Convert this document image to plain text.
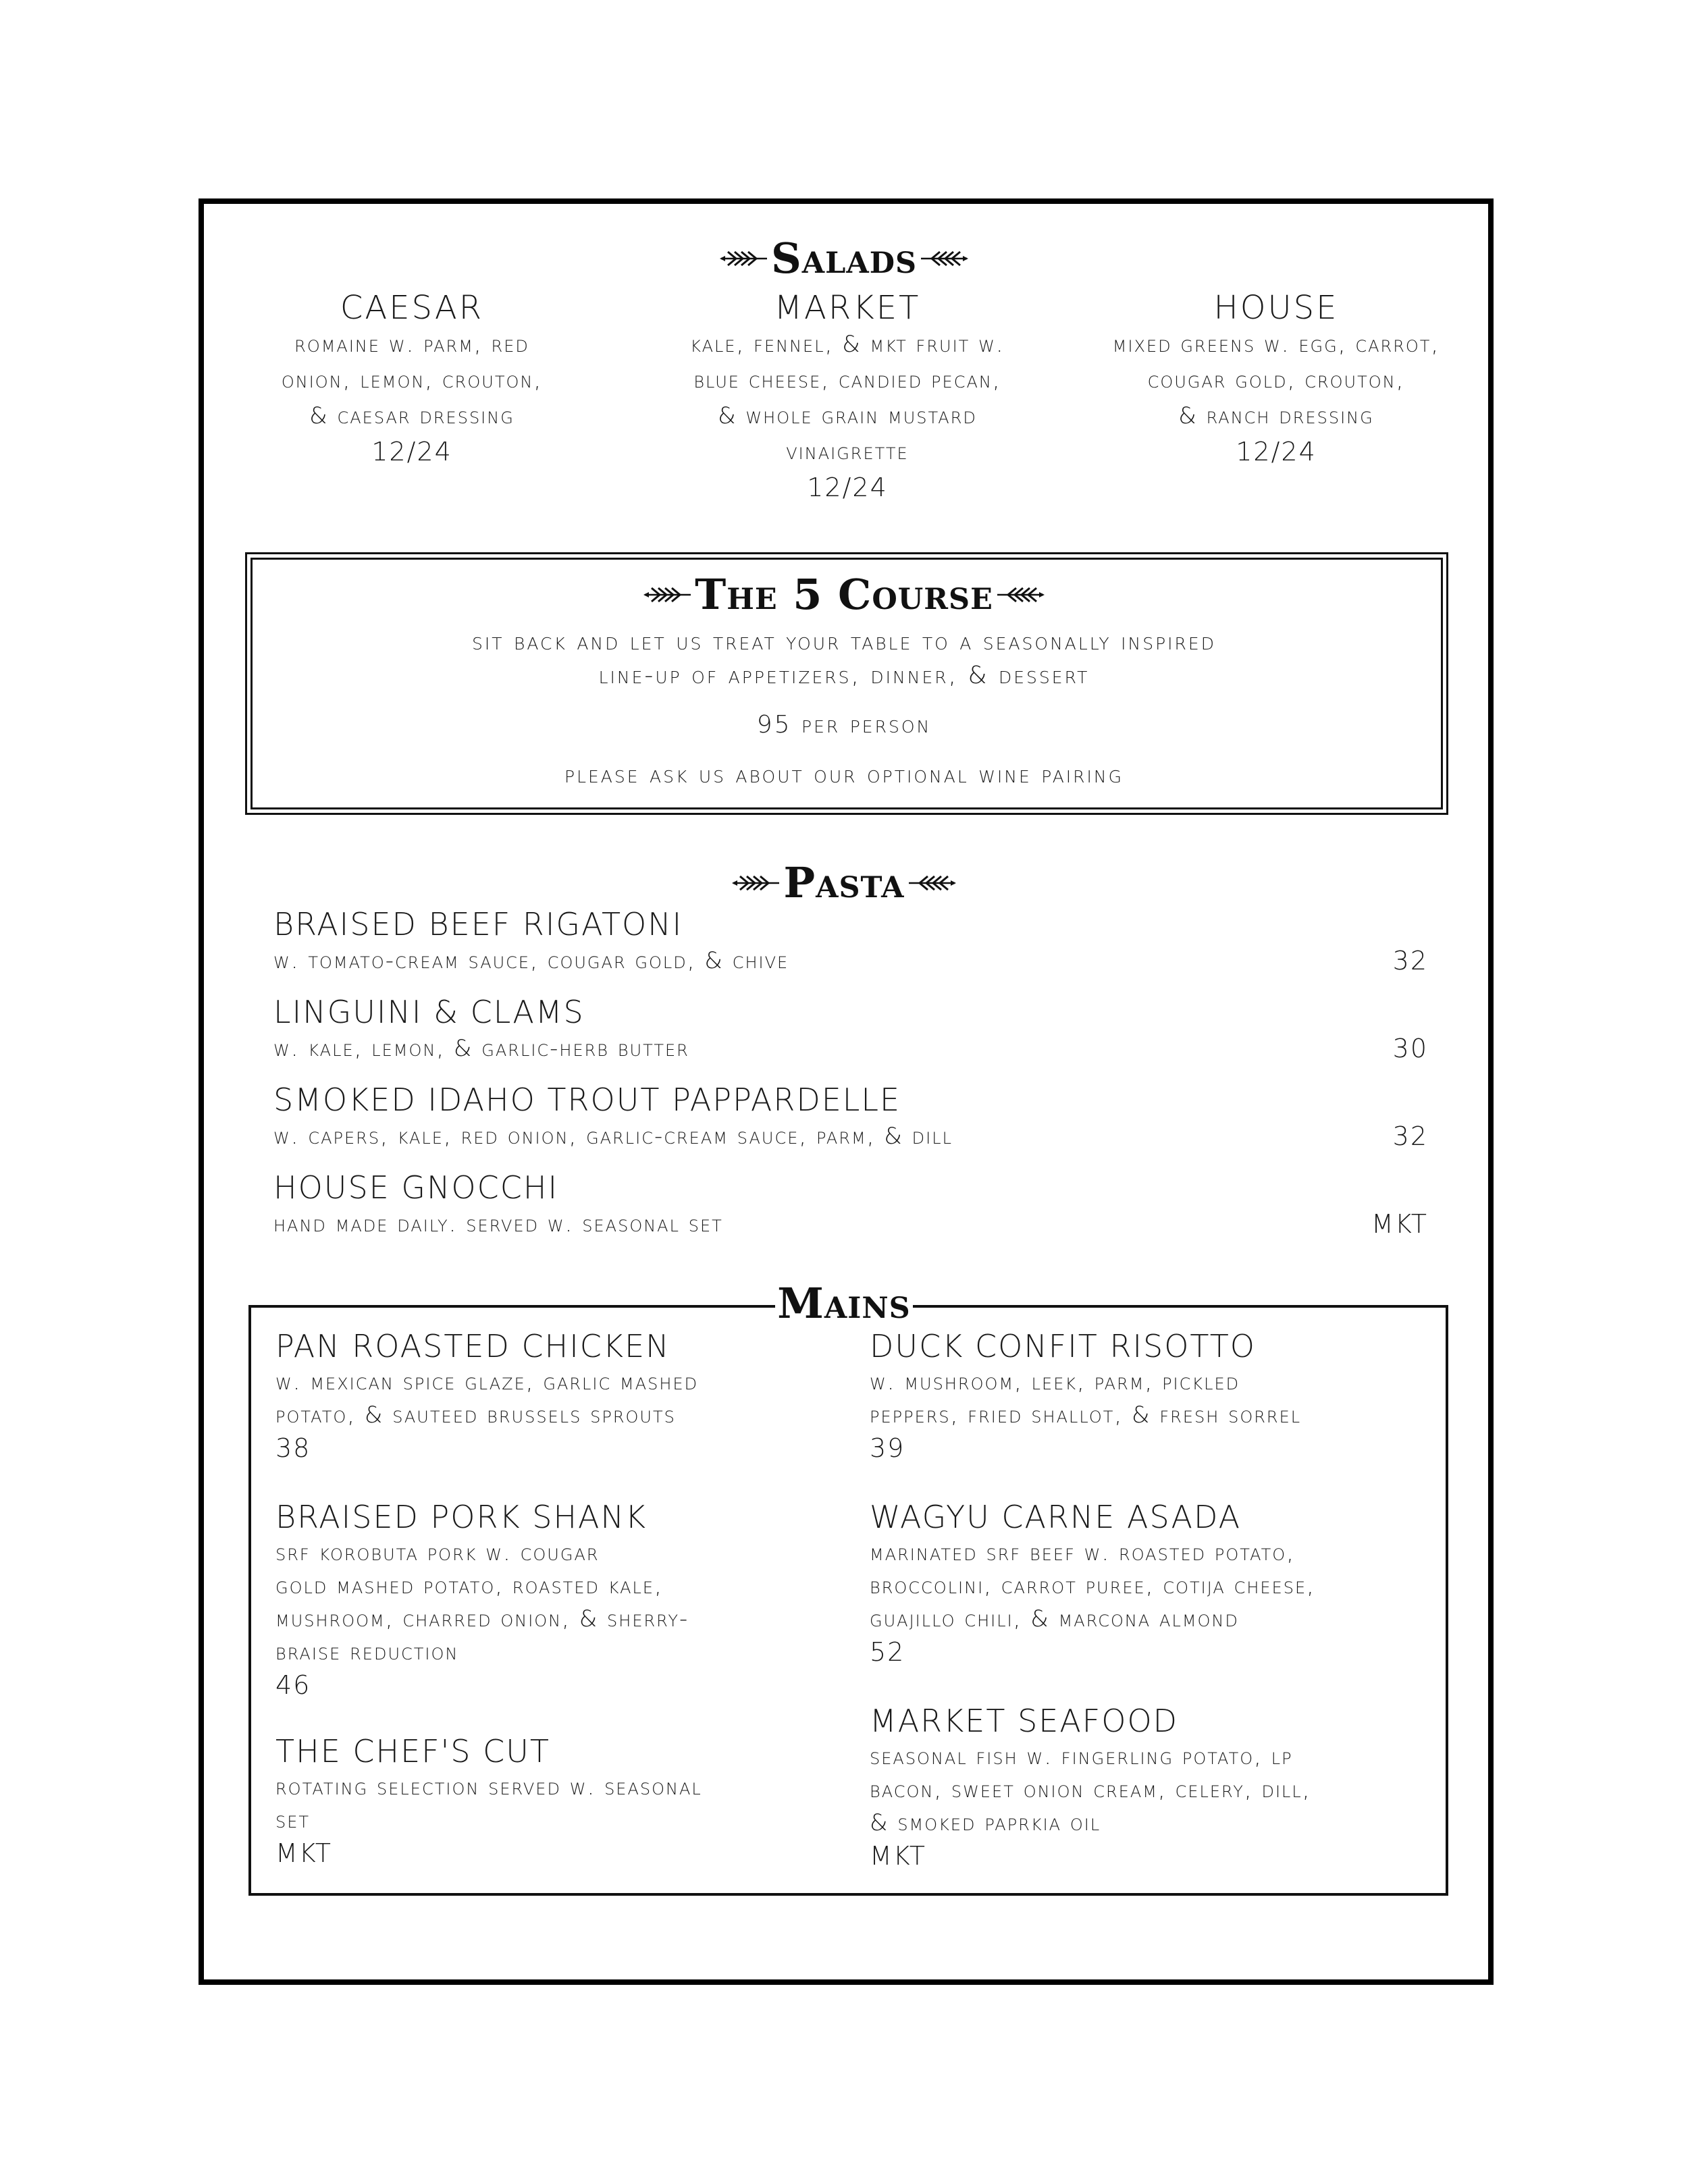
Salads
CAESAR
romaine w. parm, red
onion, lemon, crouton,
& caesar dressing
12/24
MARKET
kale, fennel, & mkt fruit w.
blue cheese, candied pecan,
& whole grain mustard
vinaigrette
12/24
HOUSE
mixed greens w. egg, carrot,
cougar gold, crouton,
& ranch dressing
12/24
The 5 Course
sit back and let us treat your table to a seasonally inspired
line-up of appetizers, dinner, & dessert
95 per person
please ask us about our optional wine pairing
Pasta
BRAISED BEEF RIGATONI
w. tomato-cream sauce, cougar gold, & chive	32
LINGUINI & CLAMS
w. kale, lemon, & garlic-herb butter	30
SMOKED IDAHO TROUT PAPPARDELLE
w. capers, kale, red onion, garlic-cream sauce, parm, & dill	32
HOUSE GNOCCHI
hand made daily. served w. seasonal set	MKT
Mains
PAN ROASTED CHICKEN
w. mexican spice glaze, garlic mashed
potato, & sauteed brussels sprouts
38
BRAISED PORK SHANK
srf korobuta pork w. cougar
gold mashed potato, roasted kale,
mushroom, charred onion, & sherry-
braise reduction
46
THE CHEF'S CUT
rotating selection served w. seasonal
set
MKT
DUCK CONFIT RISOTTO
w. mushroom, leek, parm, pickled
peppers, fried shallot, & fresh sorrel
39
WAGYU CARNE ASADA
marinated srf beef w. roasted potato,
broccolini, carrot puree, cotija cheese,
guajillo chili, & marcona almond
52
MARKET SEAFOOD
seasonal fish w. fingerling potato, lp
bacon, sweet onion cream, celery, dill,
& smoked paprkia oil
MKT
